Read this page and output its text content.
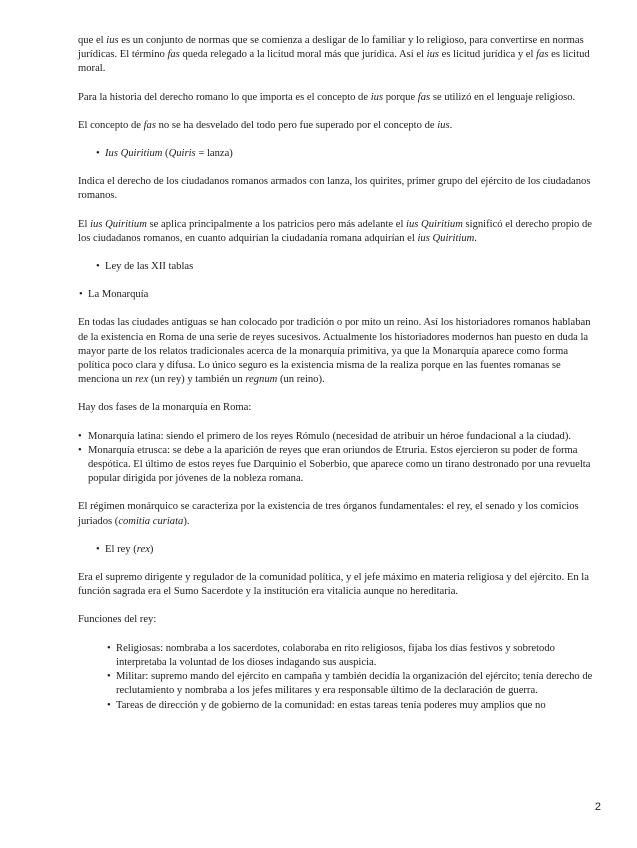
que el ius es un conjunto de normas que se comienza a desligar de lo familiar y lo religioso, para convertirse en normas jurídicas. El término fas queda relegado a la licitud moral más que jurídica. Así el ius es licitud jurídica y el fas es licitud moral.

Para la historia del derecho romano lo que importa es el concepto de ius porque fas se utilizó en el lenguaje religioso.

El concepto de fas no se ha desvelado del todo pero fue superado por el concepto de ius.

• Ius Quiritium (Quiris = lanza)

Indica el derecho de los ciudadanos romanos armados con lanza, los quirites, primer grupo del ejército de los ciudadanos romanos.

El ius Quiritium se aplica principalmente a los patricios pero más adelante el ius Quiritium significó el derecho propio de los ciudadanos romanos, en cuanto adquirían la ciudadanía romana adquirían el ius Quiritium.

• Ley de las XII tablas
• La Monarquía

En todas las ciudades antiguas se han colocado por tradición o por mito un reino. Así los historiadores romanos hablaban de la existencia en Roma de una serie de reyes sucesivos. Actualmente los historiadores modernos han puesto en duda la mayor parte de los relatos tradicionales acerca de la monarquía primitiva, ya que la Monarquía aparece como forma política poco clara y difusa. Lo único seguro es la existencia misma de la realiza porque en las fuentes romanas se menciona un rex (un rey) y también un regnum (un reino).

Hay dos fases de la monarquía en Roma:

• Monarquía latina: siendo el primero de los reyes Rómulo (necesidad de atribuir un héroe fundacional a la ciudad).
• Monarquía etrusca: se debe a la aparición de reyes que eran oriundos de Etruria. Estos ejercieron su poder de forma despótica. El último de estos reyes fue Darquinio el Soberbio, que aparece como un tirano destronado por una revuelta popular dirigida por jóvenes de la nobleza romana.

El régimen monárquico se caracteriza por la existencia de tres órganos fundamentales: el rey, el senado y los comicios juriados (comitia curiata).

• El rey (rex)

Era el supremo dirigente y regulador de la comunidad política, y el jefe máximo en materia religiosa y del ejército. En la función sagrada era el Sumo Sacerdote y la institución era vitalicia aunque no hereditaria.

Funciones del rey:

• Religiosas: nombraba a los sacerdotes, colaboraba en rito religiosos, fijaba los días festivos y sobretodo interpretaba la voluntad de los dioses indagando sus auspicia.
• Militar: supremo mando del ejército en campaña y también decidía la organización del ejército; tenía derecho de reclutamiento y nombraba a los jefes militares y era responsable último de la declaración de guerra.
• Tareas de dirección y de gobierno de la comunidad: en estas tareas tenía poderes muy amplios que no
2
